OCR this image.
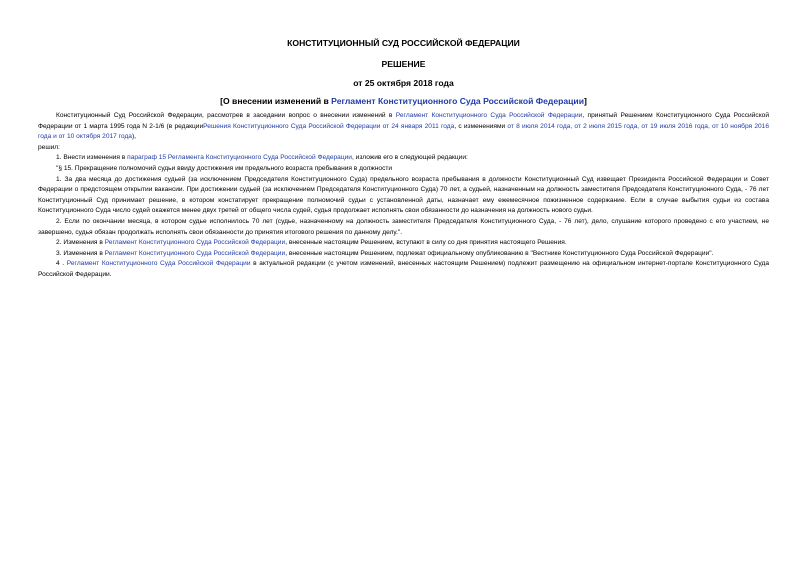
КОНСТИТУЦИОННЫЙ СУД РОССИЙСКОЙ ФЕДЕРАЦИИ
РЕШЕНИЕ
от 25 октября 2018 года
[О внесении изменений в Регламент Конституционного Суда Российской Федерации]

Конституционный Суд Российской Федерации, рассмотрев в заседании вопрос о внесении изменений в Регламент Конституционного Суда Российской Федерации, принятый Решением Конституционного Суда Российской Федерации от 1 марта 1995 года N 2-1/6 (в редакцииРешения Конституционного Суда Российской Федерации от 24 января 2011 года, с изменениями от 8 июля 2014 года, от 2 июля 2015 года, от 19 июля 2016 года, от 10 ноября 2016 года и от 10 октября 2017 года),

решил:

1. Внести изменения в параграф 15 Регламента Конституционного Суда Российской Федерации, изложив его в следующей редакции:

"§ 15. Прекращение полномочий судьи ввиду достижения им предельного возраста пребывания в должности

1. За два месяца до достижения судьей (за исключением Председателя Конституционного Суда) предельного возраста пребывания в должности Конституционный Суд извещает Президента Российской Федерации и Совет Федерации о предстоящем открытии вакансии. При достижении судьей (за исключением Председателя Конституционного Суда) 70 лет, а судьей, назначенным на должность заместителя Председателя Конституционного Суда, - 76 лет Конституционный Суд принимает решение, в котором констатирует прекращение полномочий судьи с установленной даты, назначает ему ежемесячное пожизненное содержание. Если в случае выбытия судьи из состава Конституционного Суда число судей окажется менее двух третей от общего числа судей, судья продолжает исполнять свои обязанности до назначения на должность нового судьи.

2. Если по окончании месяца, в котором судье исполнилось 70 лет (судье, назначенному на должность заместителя Председателя Конституционного Суда, - 76 лет), дело, слушание которого проведено с его участием, не завершено, судья обязан продолжать исполнять свои обязанности до принятия итогового решения по данному делу.".

2. Изменения в Регламент Конституционного Суда Российской Федерации, внесенные настоящим Решением, вступают в силу со дня принятия настоящего Решения.

3. Изменения в Регламент Конституционного Суда Российской Федерации, внесенные настоящим Решением, подлежат официальному опубликованию в "Вестнике Конституционного Суда Российской Федерации".

4 . Регламент Конституционного Суда Российской Федерации в актуальной редакции (с учетом изменений, внесенных настоящим Решением) подлежит размещению на официальном интернет-портале Конституционного Суда Российской Федерации.
